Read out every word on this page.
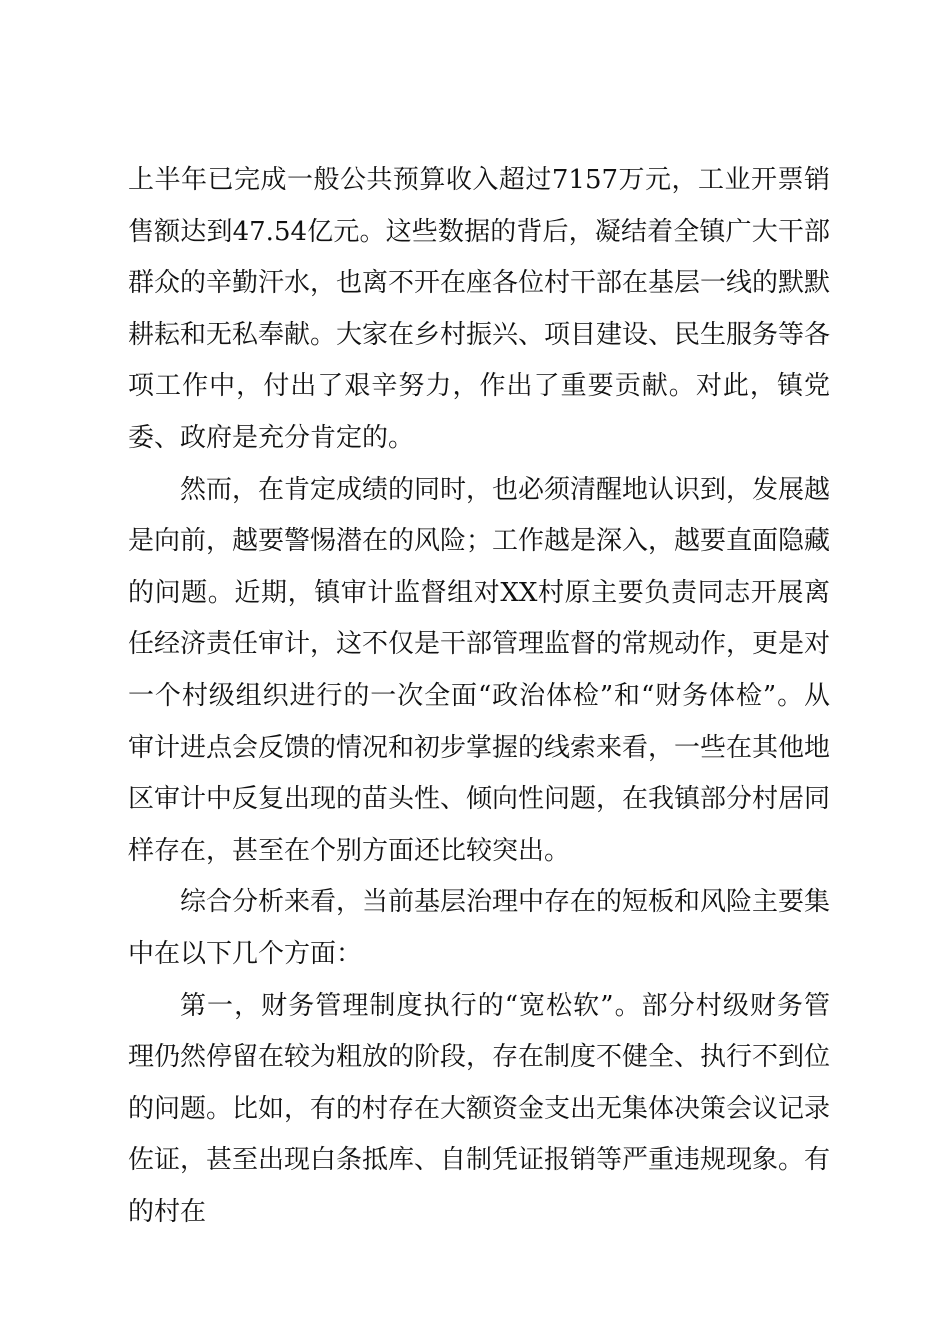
上半年已完成一般公共预算收入超过7157万元，工业开票销售额达到47.54亿元。这些数据的背后，凝结着全镇广大干部群众的辛勤汗水，也离不开在座各位村干部在基层一线的默默耕耘和无私奉献。大家在乡村振兴、项目建设、民生服务等各项工作中，付出了艰辛努力，作出了重要贡献。对此，镇党委、政府是充分肯定的。

然而，在肯定成绩的同时，也必须清醒地认识到，发展越是向前，越要警惕潜在的风险；工作越是深入，越要直面隐藏的问题。近期，镇审计监督组对XX村原主要负责同志开展离任经济责任审计，这不仅是干部管理监督的常规动作，更是对一个村级组织进行的一次全面“政治体检”和“财务体检”。从审计进点会反馈的情况和初步掌握的线索来看，一些在其他地区审计中反复出现的苗头性、倾向性问题，在我镇部分村居同样存在，甚至在个别方面还比较突出。

综合分析来看，当前基层治理中存在的短板和风险主要集中在以下几个方面：

第一，财务管理制度执行的“宽松软”。部分村级财务管理仍然停留在较为粗放的阶段，存在制度不健全、执行不到位的问题。比如，有的村存在大额资金支出无集体决策会议记录佐证，甚至出现白条抵库、自制凭证报销等严重违规现象。有的村在
